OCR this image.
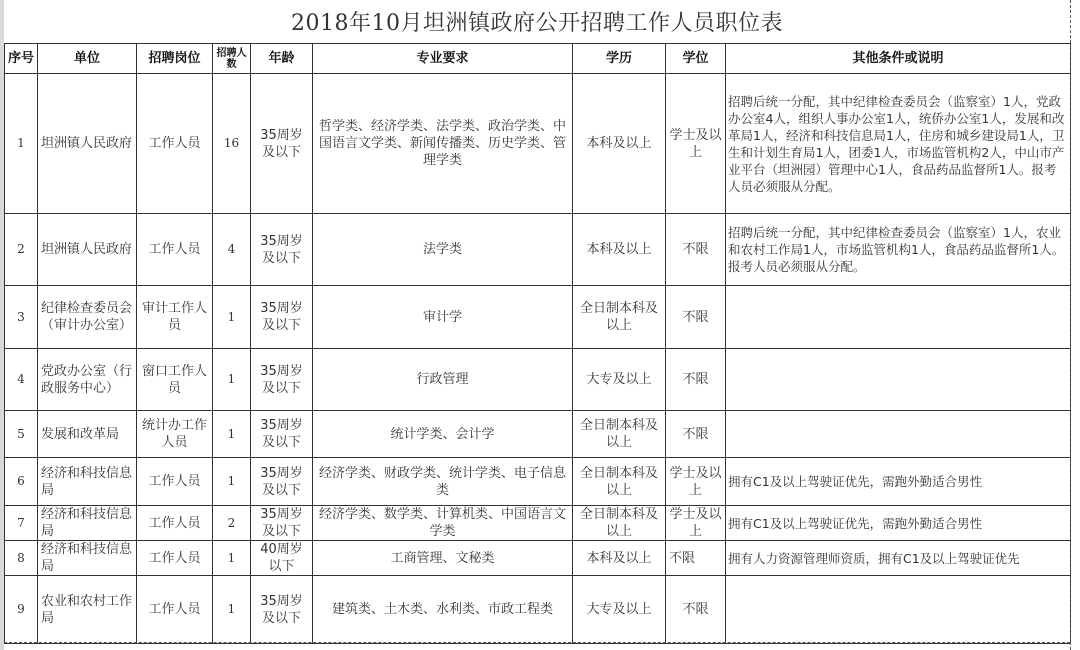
2018年10月坦洲镇政府公开招聘工作人员职位表
序号	单位	招聘岗位	招聘人数	年龄	专业要求	学历	学位	其他条件或说明
1	坦洲镇人民政府	工作人员	16	35周岁及以下	哲学类、经济学类、法学类、政治学类、中国语言文学类、新闻传播类、历史学类、管理学类	本科及以上	学士及以上	招聘后统一分配，其中纪律检查委员会（监察室）1人，党政办公室4人，组织人事办公室1人，统侨办公室1人，发展和改革局1人，经济和科技信息局1人，住房和城乡建设局1人，卫生和计划生育局1人，团委1人，市场监管机构2人，中山市产业平台（坦洲园）管理中心1人，食品药品监督所1人。报考人员必须服从分配。
2	坦洲镇人民政府	工作人员	4	35周岁及以下	法学类	本科及以上	不限	招聘后统一分配，其中纪律检查委员会（监察室）1人，农业和农村工作局1人，市场监管机构1人，食品药品监督所1人。报考人员必须服从分配。
3	纪律检查委员会（审计办公室）	审计工作人员	1	35周岁及以下	审计学	全日制本科及以上	不限	
4	党政办公室（行政服务中心）	窗口工作人员	1	35周岁及以下	行政管理	大专及以上	不限	
5	发展和改革局	统计办工作人员	1	35周岁及以下	统计学类、会计学	全日制本科及以上	不限	
6	经济和科技信息局	工作人员	1	35周岁及以下	经济学类、财政学类、统计学类、电子信息类	全日制本科及以上	学士及以上	拥有C1及以上驾驶证优先，需跑外勤适合男性
7	经济和科技信息局	工作人员	2	35周岁及以下	经济学类、数学类、计算机类、中国语言文学类	全日制本科及以上	学士及以上	拥有C1及以上驾驶证优先，需跑外勤适合男性
8	经济和科技信息局	工作人员	1	40周岁以下	工商管理、文秘类	本科及以上	不限	拥有人力资源管理师资质，拥有C1及以上驾驶证优先
9	农业和农村工作局	工作人员	1	35周岁及以下	建筑类、土木类、水利类、市政工程类	大专及以上	不限	
